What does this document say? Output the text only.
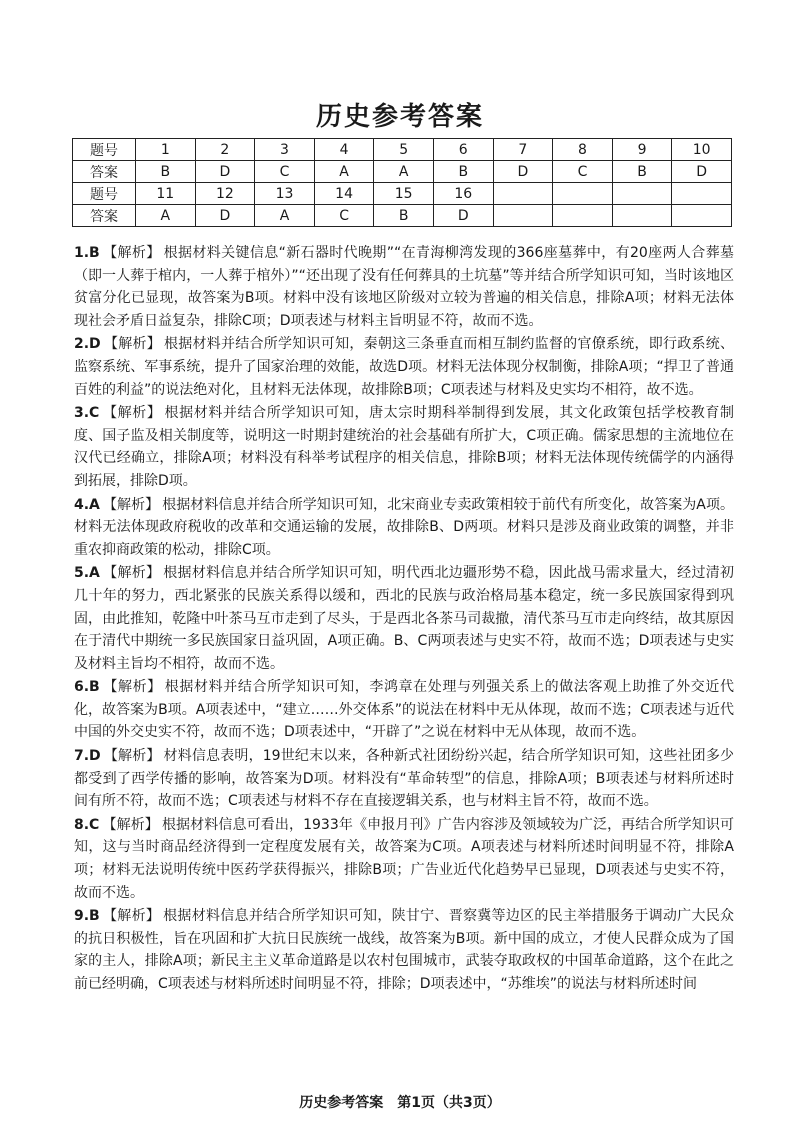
历史参考答案
题号	1	2	3	4	5	6	7	8	9	10
答案	B	D	C	A	A	B	D	C	B	D
题号	11	12	13	14	15	16				
答案	A	D	A	C	B	D				

1.B 【解析】 根据材料关键信息“新石器时代晚期”“在青海柳湾发现的366座墓葬中，有20座两人合葬墓（即一人葬于棺内，一人葬于棺外）”“还出现了没有任何葬具的土坑墓”等并结合所学知识可知，当时该地区贫富分化已显现，故答案为B项。材料中没有该地区阶级对立较为普遍的相关信息，排除A项；材料无法体现社会矛盾日益复杂，排除C项；D项表述与材料主旨明显不符，故而不选。

2.D 【解析】 根据材料并结合所学知识可知，秦朝这三条垂直而相互制约监督的官僚系统，即行政系统、监察系统、军事系统，提升了国家治理的效能，故选D项。材料无法体现分权制衡，排除A项；“捍卫了普通百姓的利益”的说法绝对化，且材料无法体现，故排除B项；C项表述与材料及史实均不相符，故不选。

3.C 【解析】 根据材料并结合所学知识可知，唐太宗时期科举制得到发展，其文化政策包括学校教育制度、国子监及相关制度等，说明这一时期封建统治的社会基础有所扩大，C项正确。儒家思想的主流地位在汉代已经确立，排除A项；材料没有科举考试程序的相关信息，排除B项；材料无法体现传统儒学的内涵得到拓展，排除D项。

4.A 【解析】 根据材料信息并结合所学知识可知，北宋商业专卖政策相较于前代有所变化，故答案为A项。材料无法体现政府税收的改革和交通运输的发展，故排除B、D两项。材料只是涉及商业政策的调整，并非重农抑商政策的松动，排除C项。

5.A 【解析】 根据材料信息并结合所学知识可知，明代西北边疆形势不稳，因此战马需求量大，经过清初几十年的努力，西北紧张的民族关系得以缓和，西北的民族与政治格局基本稳定，统一多民族国家得到巩固，由此推知，乾隆中叶茶马互市走到了尽头，于是西北各茶马司裁撤，清代茶马互市走向终结，故其原因在于清代中期统一多民族国家日益巩固，A项正确。B、C两项表述与史实不符，故而不选；D项表述与史实及材料主旨均不相符，故而不选。

6.B 【解析】 根据材料并结合所学知识可知，李鸿章在处理与列强关系上的做法客观上助推了外交近代化，故答案为B项。A项表述中，“建立……外交体系”的说法在材料中无从体现，故而不选；C项表述与近代中国的外交史实不符，故而不选；D项表述中，“开辟了”之说在材料中无从体现，故而不选。

7.D 【解析】 材料信息表明，19世纪末以来，各种新式社团纷纷兴起，结合所学知识可知，这些社团多少都受到了西学传播的影响，故答案为D项。材料没有“革命转型”的信息，排除A项；B项表述与材料所述时间有所不符，故而不选；C项表述与材料不存在直接逻辑关系，也与材料主旨不符，故而不选。

8.C 【解析】 根据材料信息可看出，1933年《申报月刊》广告内容涉及领域较为广泛，再结合所学知识可知，这与当时商品经济得到一定程度发展有关，故答案为C项。A项表述与材料所述时间明显不符，排除A项；材料无法说明传统中医药学获得振兴，排除B项；广告业近代化趋势早已显现，D项表述与史实不符，故而不选。

9.B 【解析】 根据材料信息并结合所学知识可知，陕甘宁、晋察冀等边区的民主举措服务于调动广大民众的抗日积极性，旨在巩固和扩大抗日民族统一战线，故答案为B项。新中国的成立，才使人民群众成为了国家的主人，排除A项；新民主主义革命道路是以农村包围城市，武装夺取政权的中国革命道路，这个在此之前已经明确，C项表述与材料所述时间明显不符，排除；D项表述中，“苏维埃”的说法与材料所述时间

历史参考答案　第1页（共3页）
